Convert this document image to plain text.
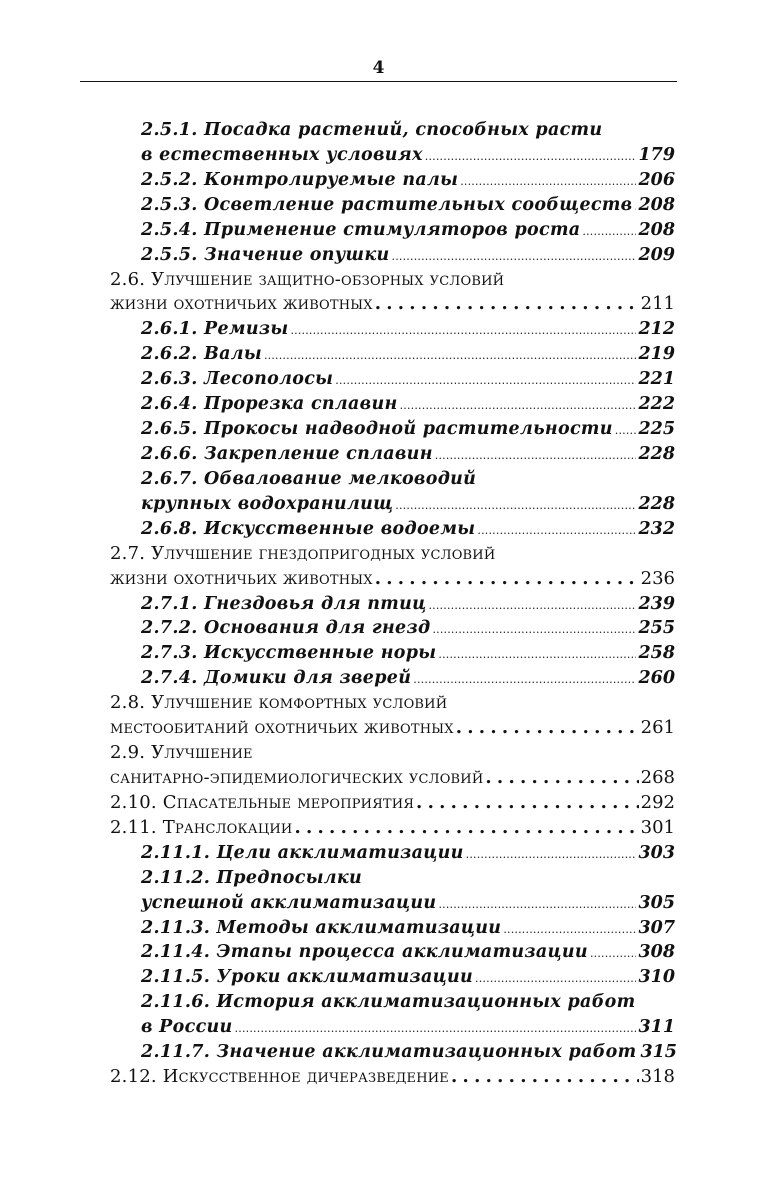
4
2.5.1. Посадка растений, способных расти
в естественных условиях .....	179
2.5.2. Контролируемые палы .....	206
2.5.3. Осветление растительных сообществ ..... 208
2.5.4. Применение стимуляторов роста .....	208
2.5.5. Значение опушки .....	209
2.6. Улучшение защитно-обзорных условий
жизни охотничьих животных . . .	211
2.6.1. Ремизы .....	212
2.6.2. Валы .....	219
2.6.3. Лесополосы .....	221
2.6.4. Прорезка сплавин .....	222
2.6.5. Прокосы надводной растительности ..... 225
2.6.6. Закрепление сплавин .....	228
2.6.7. Обвалование мелководий
крупных водохранилищ .....	228
2.6.8. Искусственные водоемы .....	232
2.7. Улучшение гнездопригодных условий
жизни охотничьих животных . . .	236
2.7.1. Гнездовья для птиц .....	239
2.7.2. Основания для гнезд .....	255
2.7.3. Искусственные норы .....	258
2.7.4. Домики для зверей .....	260
2.8. Улучшение комфортных условий
местообитаний охотничьих животных . . .	261
2.9. Улучшение
санитарно-эпидемиологических условий . . .	268
2.10. Спасательные мероприятия . . .	292
2.11. Транслокации . . .	301
2.11.1. Цели акклиматизации .....	303
2.11.2. Предпосылки
успешной акклиматизации .....	305
2.11.3. Методы акклиматизации .....	307
2.11.4. Этапы процесса акклиматизации .....	308
2.11.5. Уроки акклиматизации .....	310
2.11.6. История акклиматизационных работ
в России .....	311
2.11.7. Значение акклиматизационных работ 315
2.12. Искусственное дичеразведение . . .	318
